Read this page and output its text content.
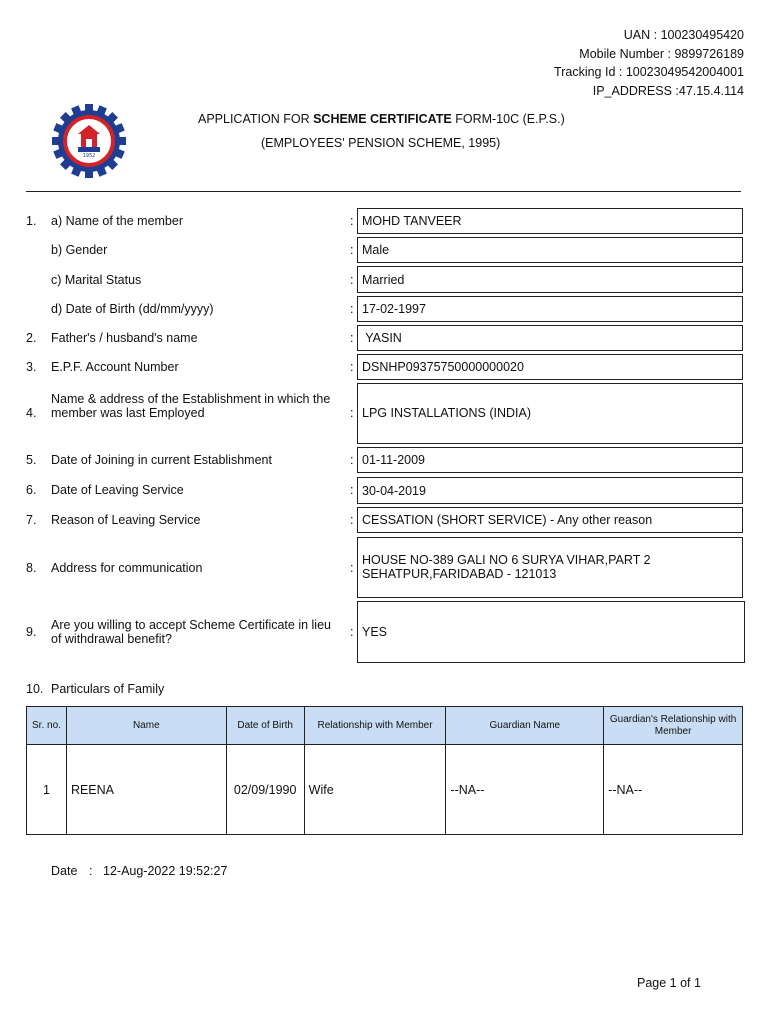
UAN : 100230495420
Mobile Number : 9899726189
Tracking Id : 10023049542004001
IP_ADDRESS :47.15.4.114
1952
APPLICATION FOR SCHEME CERTIFICATE FORM-10C (E.P.S.)
(EMPLOYEES' PENSION SCHEME, 1995)
1.	a) Name of the member	: MOHD TANVEER
b) Gender	: Male
c) Marital Status	: Married
d) Date of Birth (dd/mm/yyyy)	: 17-02-1997
2.	Father's / husband's name	: YASIN
3.	E.P.F. Account Number	: DSNHP09375750000000020
4.
Name & address of the Establishment in which the member was last Employed	: LPG INSTALLATIONS (INDIA)
5.	Date of Joining in current Establishment	: 01-11-2009
6.	Date of Leaving Service	: 30-04-2019
7.	Reason of Leaving Service	: CESSATION (SHORT SERVICE) - Any other reason
8.	Address for communication	:
HOUSE NO-389 GALI NO 6 SURYA VIHAR,PART 2 SEHATPUR,FARIDABAD - 121013
9.	Are you willing to accept Scheme Certificate in lieu of withdrawal benefit?	: YES
10. Particulars of Family
Sr. no.	Name	Date of Birth	Relationship with Member	Guardian Name	Guardian's Relationship with Member
1	REENA	02/09/1990	Wife	--NA--	--NA--
Date : 12-Aug-2022 19:52:27
Page 1 of 1
